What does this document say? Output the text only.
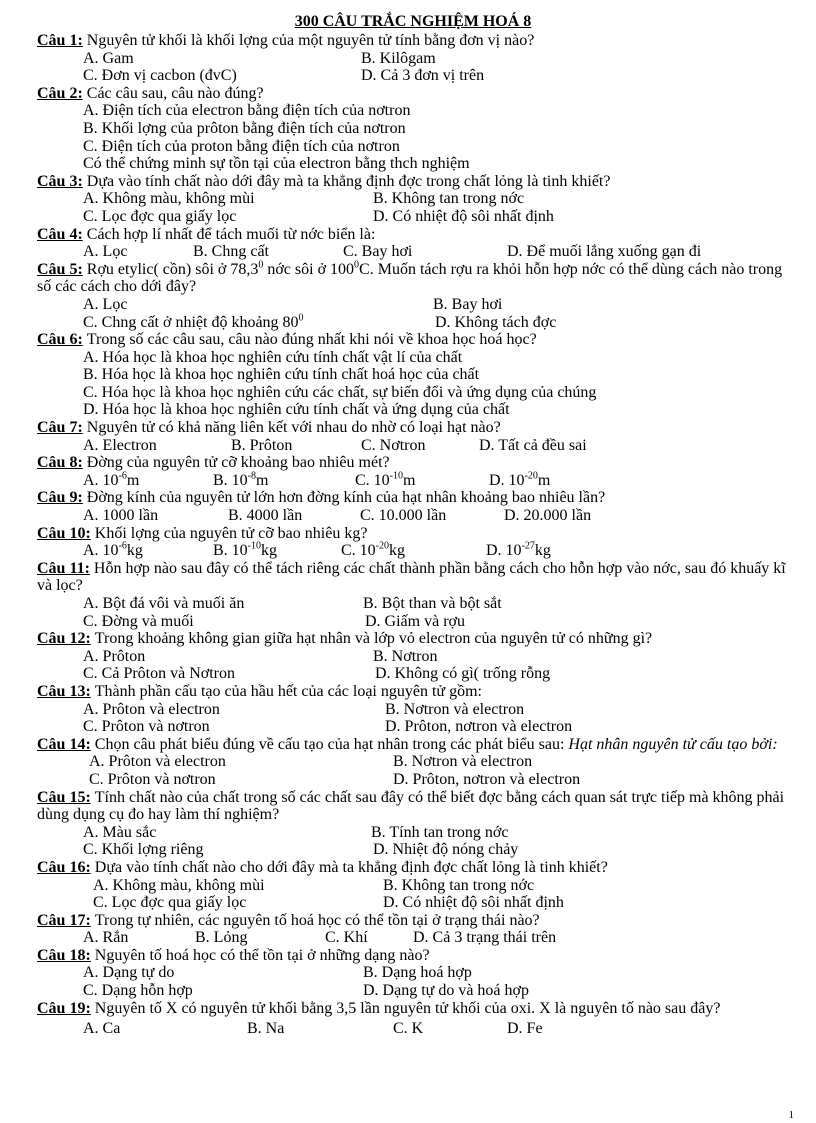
300 CÂU TRẮC NGHIỆM HOÁ 8

Câu 1: Nguyên tử khối là khối lợng của một nguyên tử tính bằng đơn vị nào?

A. Gam	B. Kilôgam
C. Đơn vị cacbon (đvC)	D. Cả 3 đơn vị trên

Câu 2: Các câu sau, câu nào đúng?

A. Điện tích của electron bằng điện tích của nơtron
B. Khối lợng của prôton bằng điện tích của nơtron
C. Điện tích của proton bằng điện tích của nơtron
Có thể chứng minh sự tồn tại của electron bằng thch nghiệm

Câu 3: Dựa vào tính chất nào dới đây mà ta khẳng định đợc trong chất lỏng là tinh khiết?

A. Không màu, không mùi	B. Không tan trong nớc
C. Lọc đợc qua giấy lọc	D. Có nhiệt độ sôi nhất định

Câu 4: Cách hợp lí nhất để tách muối từ nớc biển là:

A. Lọc	B. Chng cất	C. Bay hơi	D. Để muối lắng xuống gạn đi

Câu 5: Rợu etylic( cồn) sôi ở 78,3$^0$ nớc sôi ở $100^0C$. Muốn tách rợu ra khỏi hỗn hợp nớc có thể dùng cách nào trong số các cách cho dới đây?

A. Lọc	B. Bay hơi
C. Chng cất ở nhiệt độ khoảng $80^0$	D. Không tách đợc

Câu 6: Trong số các câu sau, câu nào đúng nhất khi nói về khoa học hoá học?

A. Hóa học là khoa học nghiên cứu tính chất vật lí của chất
B. Hóa học là khoa học nghiên cứu tính chất hoá học của chất
C. Hóa học là khoa học nghiên cứu các chất, sự biến đổi và ứng dụng của chúng
D. Hóa học là khoa học nghiên cứu tính chất và ứng dụng của chất

Câu 7: Nguyên tử có khả năng liên kết với nhau do nhờ có loại hạt nào?

A. Electron	B. Prôton	C. Nơtron	D. Tất cả đều sai

Câu 8: Đờng của nguyên tử cỡ khoảng bao nhiêu mét?

A. $10^{-6}m$	B. $10^{-8}m$	C. $10^{-10}m$	D. $10^{-20}m$

Câu 9: Đờng kính của nguyên tử lớn hơn đờng kính của hạt nhân khoảng bao nhiêu lần?

A. 1000 lần	B. 4000 lần	C. 10.000 lần	D. 20.000 lần

Câu 10: Khối lợng của nguyên tử cỡ bao nhiêu kg?

A. $10^{-6}kg$	B. $10^{-10}kg$	C. $10^{-20}kg$	D. $10^{-27}kg$

Câu 11: Hỗn hợp nào sau đây có thể tách riêng các chất thành phần bằng cách cho hỗn hợp vào nớc, sau đó khuấy kĩ và lọc?

A. Bột đá vôi và muối ăn	B. Bột than và bột sắt
C. Đờng và muối	D. Giấm và rợu

Câu 12: Trong khoảng không gian giữa hạt nhân và lớp vỏ electron của nguyên tử có những gì?

A. Prôton	B. Nơtron
C. Cả Prôton và Nơtron	D. Không có gì( trống rỗng

Câu 13: Thành phần cấu tạo của hầu hết của các loại nguyên tử gồm:

A. Prôton và electron	B. Nơtron và electron
C. Prôton và nơtron	D. Prôton, nơtron và electron

Câu 14: Chọn câu phát biểu đúng về cấu tạo của hạt nhân trong các phát biểu sau: Hạt nhân nguyên tử cấu tạo bởi:

A. Prôton và electron	B. Nơtron và electron
C. Prôton và nơtron	D. Prôton, nơtron và electron

Câu 15: Tính chất nào của chất trong số các chất sau đây có thể biết đợc bằng cách quan sát trực tiếp mà không phải dùng dụng cụ đo hay làm thí nghiệm?

A. Màu sắc	B. Tính tan trong nớc
C. Khối lợng riêng	D. Nhiệt độ nóng chảy

Câu 16: Dựa vào tính chất nào cho dới đây mà ta khẳng định đợc chất lỏng là tinh khiết?

A. Không màu, không mùi	B. Không tan trong nớc
C. Lọc đợc qua giấy lọc	D. Có nhiệt độ sôi nhất định

Câu 17: Trong tự nhiên, các nguyên tố hoá học có thể tồn tại ở trạng thái nào?

A. Rắn	B. Lỏng	C. Khí	D. Cả 3 trạng thái trên

Câu 18: Nguyên tố hoá học có thể tồn tại ở những dạng nào?

A. Dạng tự do	B. Dạng hoá hợp
C. Dạng hỗn hợp	D. Dạng tự do và hoá hợp

Câu 19: Nguyên tố X có nguyên tử khối bằng 3,5 lần nguyên tử khối của oxi. X là nguyên tố nào sau đây?

A. Ca	B. Na	C. K	D. Fe
1
